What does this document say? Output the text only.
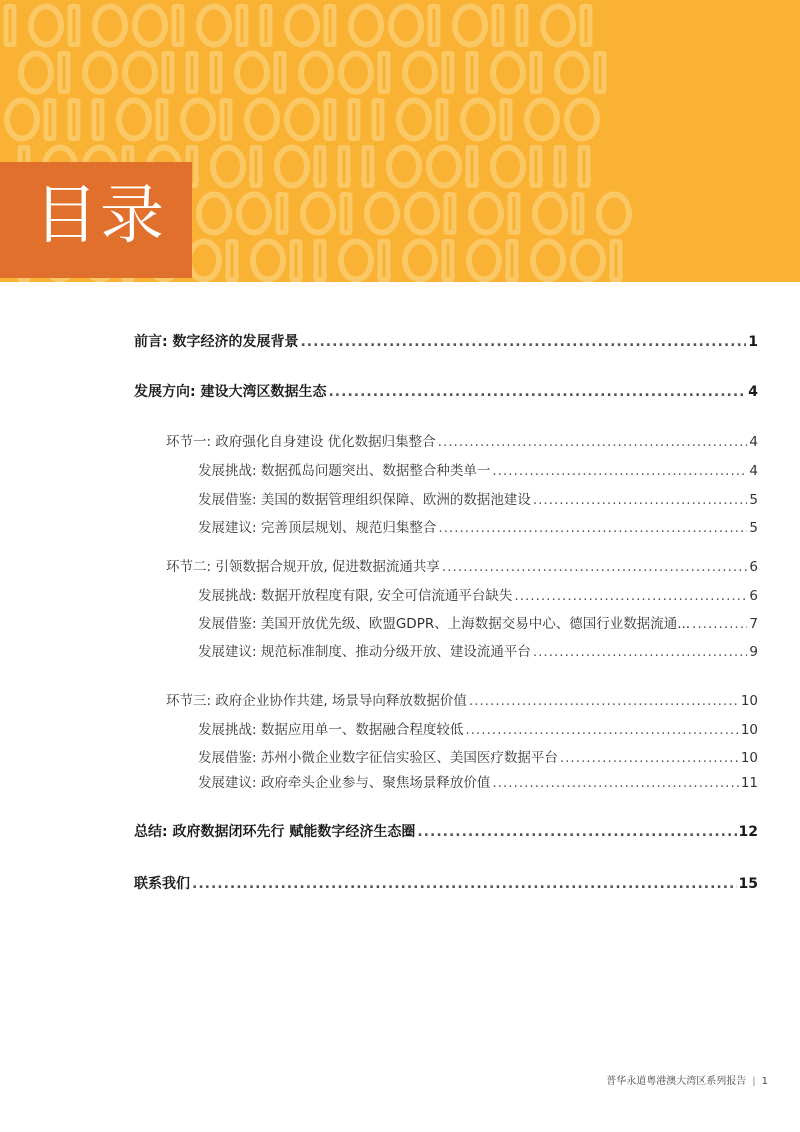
目录
前言: 数字经济的发展背景 .....	1
发展方向: 建设大湾区数据生态 .....	4
环节一: 政府强化自身建设 优化数据归集整合 .....	4
发展挑战: 数据孤岛问题突出、数据整合种类单一 .....	4
发展借鉴: 美国的数据管理组织保障、欧洲的数据池建设 .....	5
发展建议: 完善顶层规划、规范归集整合 .....	5
环节二: 引领数据合规开放, 促进数据流通共享 .....	6
发展挑战: 数据开放程度有限, 安全可信流通平台缺失 .....	6
发展借鉴: 美国开放优先级、欧盟GDPR、上海数据交易中心、德国行业数据流通... .....	7
发展建议: 规范标准制度、推动分级开放、建设流通平台 .....	9
环节三: 政府企业协作共建, 场景导向释放数据价值 .....	10
发展挑战: 数据应用单一、数据融合程度较低 .....	10
发展借鉴: 苏州小微企业数字征信实验区、美国医疗数据平台 .....	10
发展建议: 政府牵头企业参与、聚焦场景释放价值 .....	11
总结: 政府数据闭环先行 赋能数字经济生态圈 .....	12
联系我们 .....	15
普华永道粤港澳大湾区系列报告 | 1
